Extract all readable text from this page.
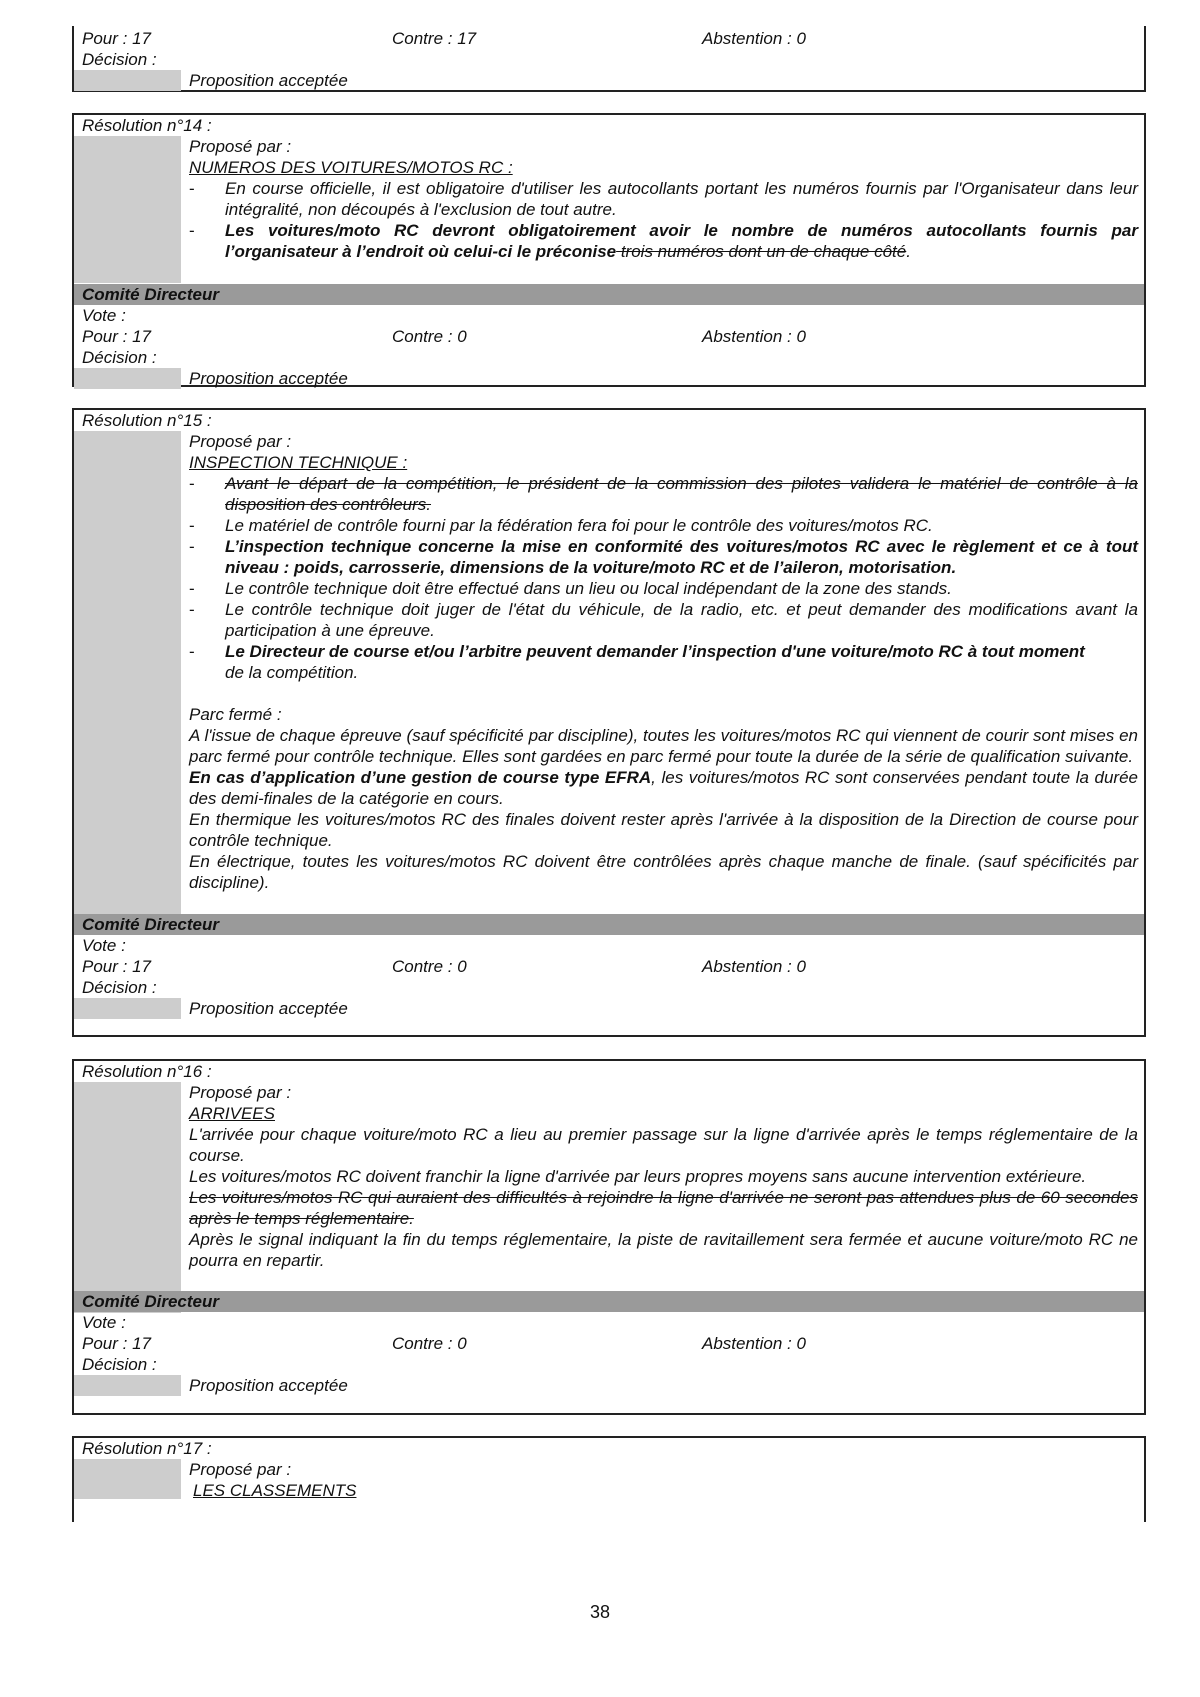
Pour : 17	Contre : 17	Abstention : 0
Décision :
Proposition acceptée
Résolution n°14 :
Proposé par :
NUMEROS DES VOITURES/MOTOS RC :
- En course officielle, il est obligatoire d'utiliser les autocollants portant les numéros fournis par l'Organisateur dans leur intégralité, non découpés à l'exclusion de tout autre.
- Les voitures/moto RC devront obligatoirement avoir le nombre de numéros autocollants fournis par l’organisateur à l’endroit où celui-ci le préconise trois numéros dont un de chaque côté.
Comité Directeur
Vote :
Pour : 17	Contre : 0	Abstention : 0
Décision :
Proposition acceptée
Résolution n°15 :
Proposé par :
INSPECTION TECHNIQUE :
- Avant le départ de la compétition, le président de la commission des pilotes validera le matériel de contrôle à la disposition des contrôleurs.
- Le matériel de contrôle fourni par la fédération fera foi pour le contrôle des voitures/motos RC.
- L’inspection technique concerne la mise en conformité des voitures/motos RC avec le règlement et ce à tout niveau : poids, carrosserie, dimensions de la voiture/moto RC et de l’aileron, motorisation.
- Le contrôle technique doit être effectué dans un lieu ou local indépendant de la zone des stands.
- Le contrôle technique doit juger de l'état du véhicule, de la radio, etc. et peut demander des modifications avant la participation à une épreuve.
- Le Directeur de course et/ou l’arbitre peuvent demander l’inspection d'une voiture/moto RC à tout moment
de la compétition.
Parc fermé :
A l'issue de chaque épreuve (sauf spécificité par discipline), toutes les voitures/motos RC qui viennent de courir sont mises en parc fermé pour contrôle technique. Elles sont gardées en parc fermé pour toute la durée de la série de qualification suivante.
En cas d’application d’une gestion de course type EFRA, les voitures/motos RC sont conservées pendant toute la durée des demi-finales de la catégorie en cours.
En thermique les voitures/motos RC des finales doivent rester après l'arrivée à la disposition de la Direction de course pour contrôle technique.
En électrique, toutes les voitures/motos RC doivent être contrôlées après chaque manche de finale. (sauf spécificités par discipline).
Comité Directeur
Vote :
Pour : 17	Contre : 0	Abstention : 0
Décision :
Proposition acceptée
Résolution n°16 :
Proposé par :
ARRIVEES
L'arrivée pour chaque voiture/moto RC a lieu au premier passage sur la ligne d'arrivée après le temps réglementaire de la course.
Les voitures/motos RC doivent franchir la ligne d'arrivée par leurs propres moyens sans aucune intervention extérieure.
Les voitures/motos RC qui auraient des difficultés à rejoindre la ligne d'arrivée ne seront pas attendues plus de 60 secondes après le temps réglementaire.
Après le signal indiquant la fin du temps réglementaire, la piste de ravitaillement sera fermée et aucune voiture/moto RC ne pourra en repartir.
Comité Directeur
Vote :
Pour : 17	Contre : 0	Abstention : 0
Décision :
Proposition acceptée
Résolution n°17 :
Proposé par :
LES CLASSEMENTS
38
